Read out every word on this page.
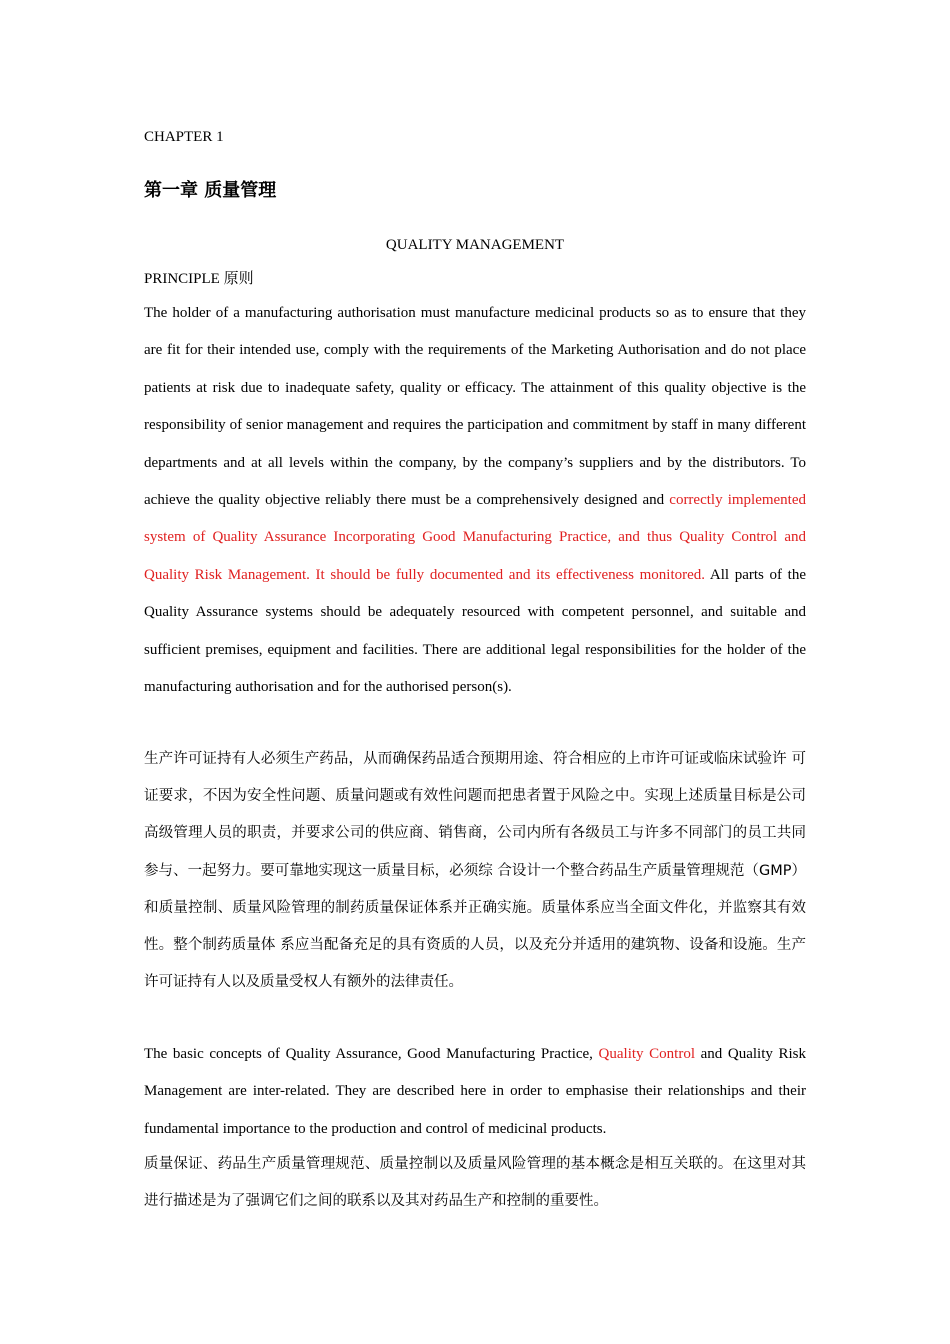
CHAPTER 1
第一章 质量管理
QUALITY MANAGEMENT
PRINCIPLE 原则

The holder of a manufacturing authorisation must manufacture medicinal products so as to ensure that they are fit for their intended use, comply with the requirements of the Marketing Authorisation and do not place patients at risk due to inadequate safety, quality or efficacy. The attainment of this quality objective is the responsibility of senior management and requires the participation and commitment by staff in many different departments and at all levels within the company, by the company’s suppliers and by the distributors. To achieve the quality objective reliably there must be a comprehensively designed and correctly implemented system of Quality Assurance Incorporating Good Manufacturing Practice, and thus Quality Control and Quality Risk Management. It should be fully documented and its effectiveness monitored. All parts of the Quality Assurance systems should be adequately resourced with competent personnel, and suitable and sufficient premises, equipment and facilities. There are additional legal responsibilities for the holder of the manufacturing authorisation and for the authorised person(s).

生产许可证持有人必须生产药品，从而确保药品适合预期用途、符合相应的上市许可证或临床试验许 可证要求，不因为安全性问题、质量问题或有效性问题而把患者置于风险之中。实现上述质量目标是公司高级管理人员的职责，并要求公司的供应商、销售商，公司内所有各级员工与许多不同部门的员工共同参与、一起努力。要可靠地实现这一质量目标，必须综 合设计一个整合药品生产质量管理规范（GMP）和质量控制、质量风险管理的制药质量保证体系并正确实施。质量体系应当全面文件化，并监察其有效性。整个制药质量体 系应当配备充足的具有资质的人员，以及充分并适用的建筑物、设备和设施。生产许可证持有人以及质量受权人有额外的法律责任。

The basic concepts of Quality Assurance, Good Manufacturing Practice, Quality Control and Quality Risk Management are inter-related. They are described here in order to emphasise their relationships and their fundamental importance to the production and control of medicinal products.

质量保证、药品生产质量管理规范、质量控制以及质量风险管理的基本概念是相互关联的。在这里对其进行描述是为了强调它们之间的联系以及其对药品生产和控制的重要性。
